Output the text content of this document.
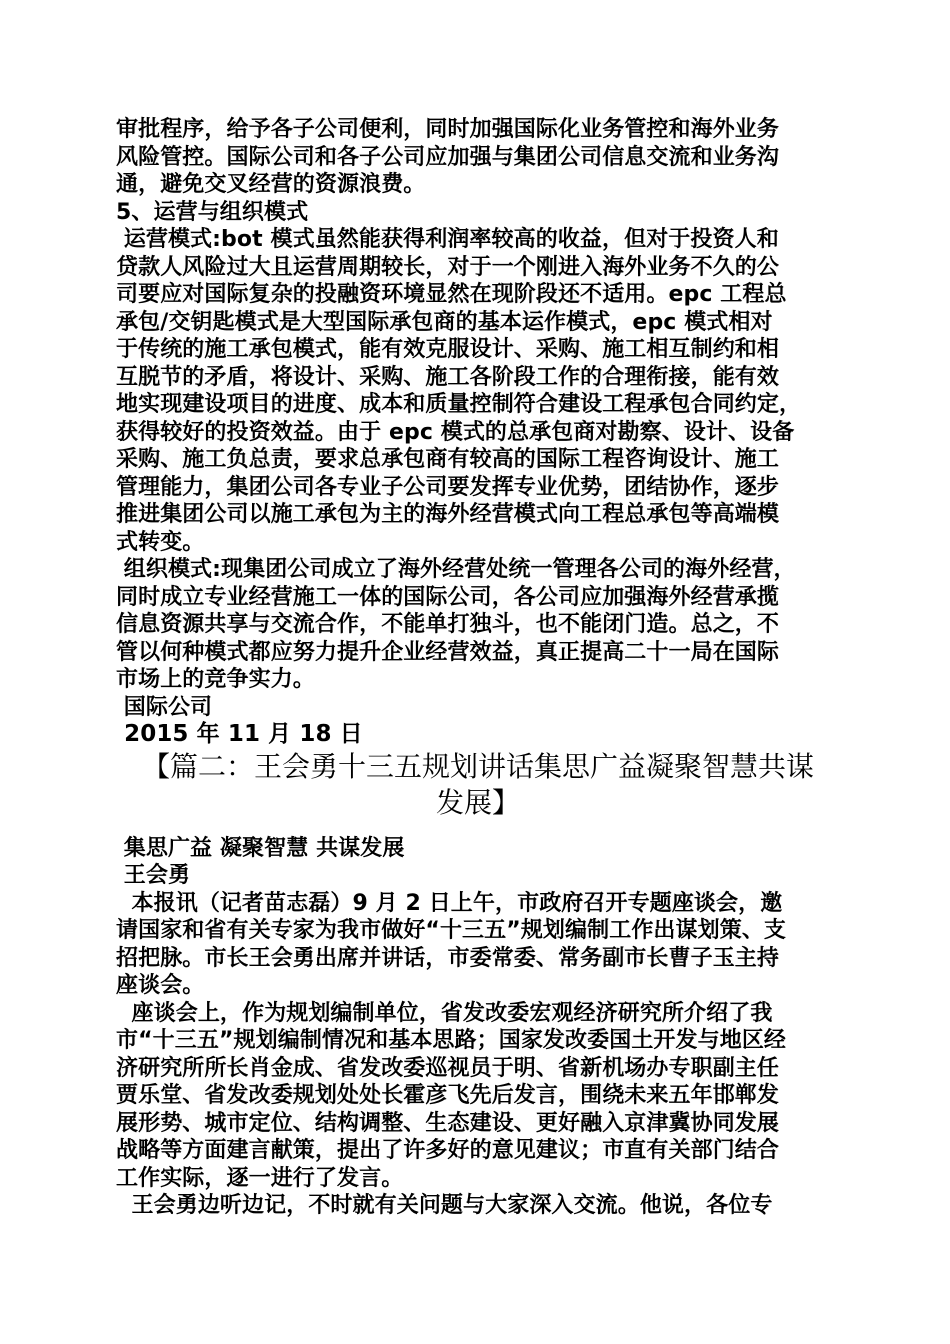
审批程序，给予各子公司便利，同时加强国际化业务管控和海外业务
风险管控。国际公司和各子公司应加强与集团公司信息交流和业务沟
通，避免交叉经营的资源浪费。
5、运营与组织模式
运营模式:bot 模式虽然能获得利润率较高的收益，但对于投资人和
贷款人风险过大且运营周期较长，对于一个刚进入海外业务不久的公
司要应对国际复杂的投融资环境显然在现阶段还不适用。epc 工程总
承包/交钥匙模式是大型国际承包商的基本运作模式，epc 模式相对
于传统的施工承包模式，能有效克服设计、采购、施工相互制约和相
互脱节的矛盾，将设计、采购、施工各阶段工作的合理衔接，能有效
地实现建设项目的进度、成本和质量控制符合建设工程承包合同约定，
获得较好的投资效益。由于 epc 模式的总承包商对勘察、设计、设备
采购、施工负总责，要求总承包商有较高的国际工程咨询设计、施工
管理能力，集团公司各专业子公司要发挥专业优势，团结协作，逐步
推进集团公司以施工承包为主的海外经营模式向工程总承包等高端模
式转变。
组织模式:现集团公司成立了海外经营处统一管理各公司的海外经营，
同时成立专业经营施工一体的国际公司，各公司应加强海外经营承揽
信息资源共享与交流合作，不能单打独斗，也不能闭门造。总之，不
管以何种模式都应努力提升企业经营效益，真正提高二十一局在国际
市场上的竞争实力。
国际公司
2015 年 11 月 18 日
【篇二：王会勇十三五规划讲话集思广益凝聚智慧共谋
发展】
集思广益 凝聚智慧 共谋发展
王会勇
本报讯（记者苗志磊）9 月 2 日上午，市政府召开专题座谈会，邀
请国家和省有关专家为我市做好“十三五”规划编制工作出谋划策、支
招把脉。市长王会勇出席并讲话，市委常委、常务副市长曹子玉主持
座谈会。
座谈会上，作为规划编制单位，省发改委宏观经济研究所介绍了我
市“十三五”规划编制情况和基本思路；国家发改委国土开发与地区经
济研究所所长肖金成、省发改委巡视员于明、省新机场办专职副主任
贾乐堂、省发改委规划处处长霍彦飞先后发言，围绕未来五年邯郸发
展形势、城市定位、结构调整、生态建设、更好融入京津冀协同发展
战略等方面建言献策，提出了许多好的意见建议；市直有关部门结合
工作实际，逐一进行了发言。
王会勇边听边记，不时就有关问题与大家深入交流。他说，各位专
